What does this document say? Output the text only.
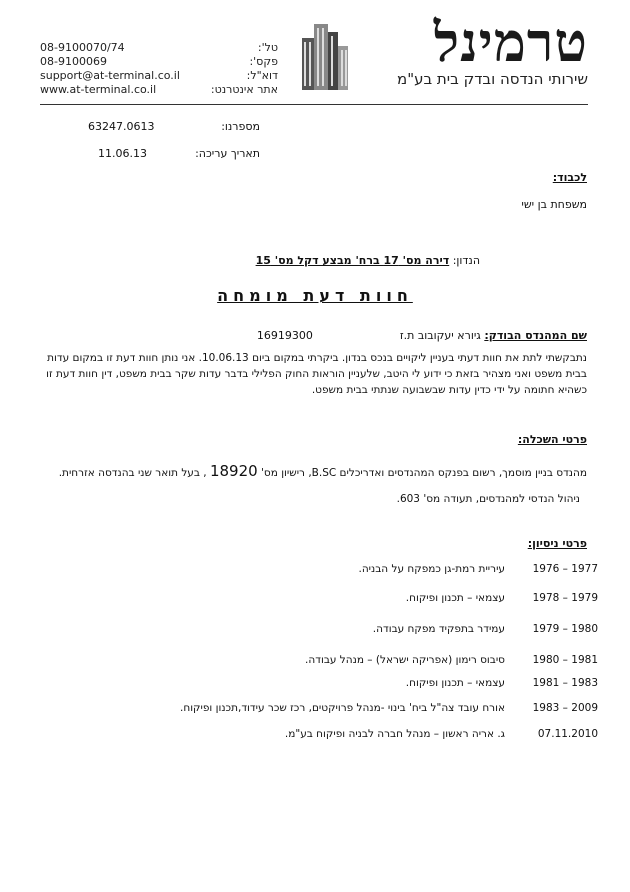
טרמינל
שירותי הנדסה ובדק בית בע"מ
טל':
08-9100070/74
פקס':
08-9100069
דוא"ל:
support@at-terminal.co.il
אתר אינטרנט:
www.at-terminal.co.il
מספרנו:
63247.0613
תאריך עריכה:
11.06.13
לכבוד:
משפחת בן ישי
הנדון: דירה מס' 17 ברח' מבצע דקל מס' 15
חוות דעת מומחה
שם המהנדס הבודק: גיורא יעקובוב ת.ז  16919300
נתבקשתי לתת את חוות דעתי בעניין ליקויים בנכס בנדון. ביקרתי במקום ביום 10.06.13. אני נותן חוות דעת זו במקום עדות
בבית משפט ואני מצהיר בזאת כי ידוע לי היטב, שלעניין הוראות החוק הפלילי בדבר עדות שקר בבית משפט, דין חוות דעת זו
כשהיא חתומה על ידי כדין עדות שבשבועה שנתתי בבית משפט.
פרטי השכלה:
מהנדס בניין מוסמך, רשום בפנקס המהנדסים ואדריכלים B.SC, רישיון מס' 18920 , בעל תואר שני בהנדסה אזרחית.
ניהול הנדסי למהנדסים, תעודה מס' 603.
פרטי ניסיון:
1976 – 1977
עיריית רמת-גן כמפקח על הבניה.
1978 – 1979
עצמאי – תכנון ופיקוח.
1979 – 1980
עמידר בתפקיד מפקח עבודה.
1980 – 1981
סיבוס רימון (אפריקה ישראל) – מנהל עבודה.
1981 – 1983
עצמאי – תכנון ופיקוח.
1983 – 2009
אורח עובד צה"ל ביח' בינוי -מנהל פרויקטים, רכז שכר עידוד,תכנון ופיקוח.
07.11.2010
ג. אריה ראשון – מנהל חברה לבניה ופיקוח בע"מ.
